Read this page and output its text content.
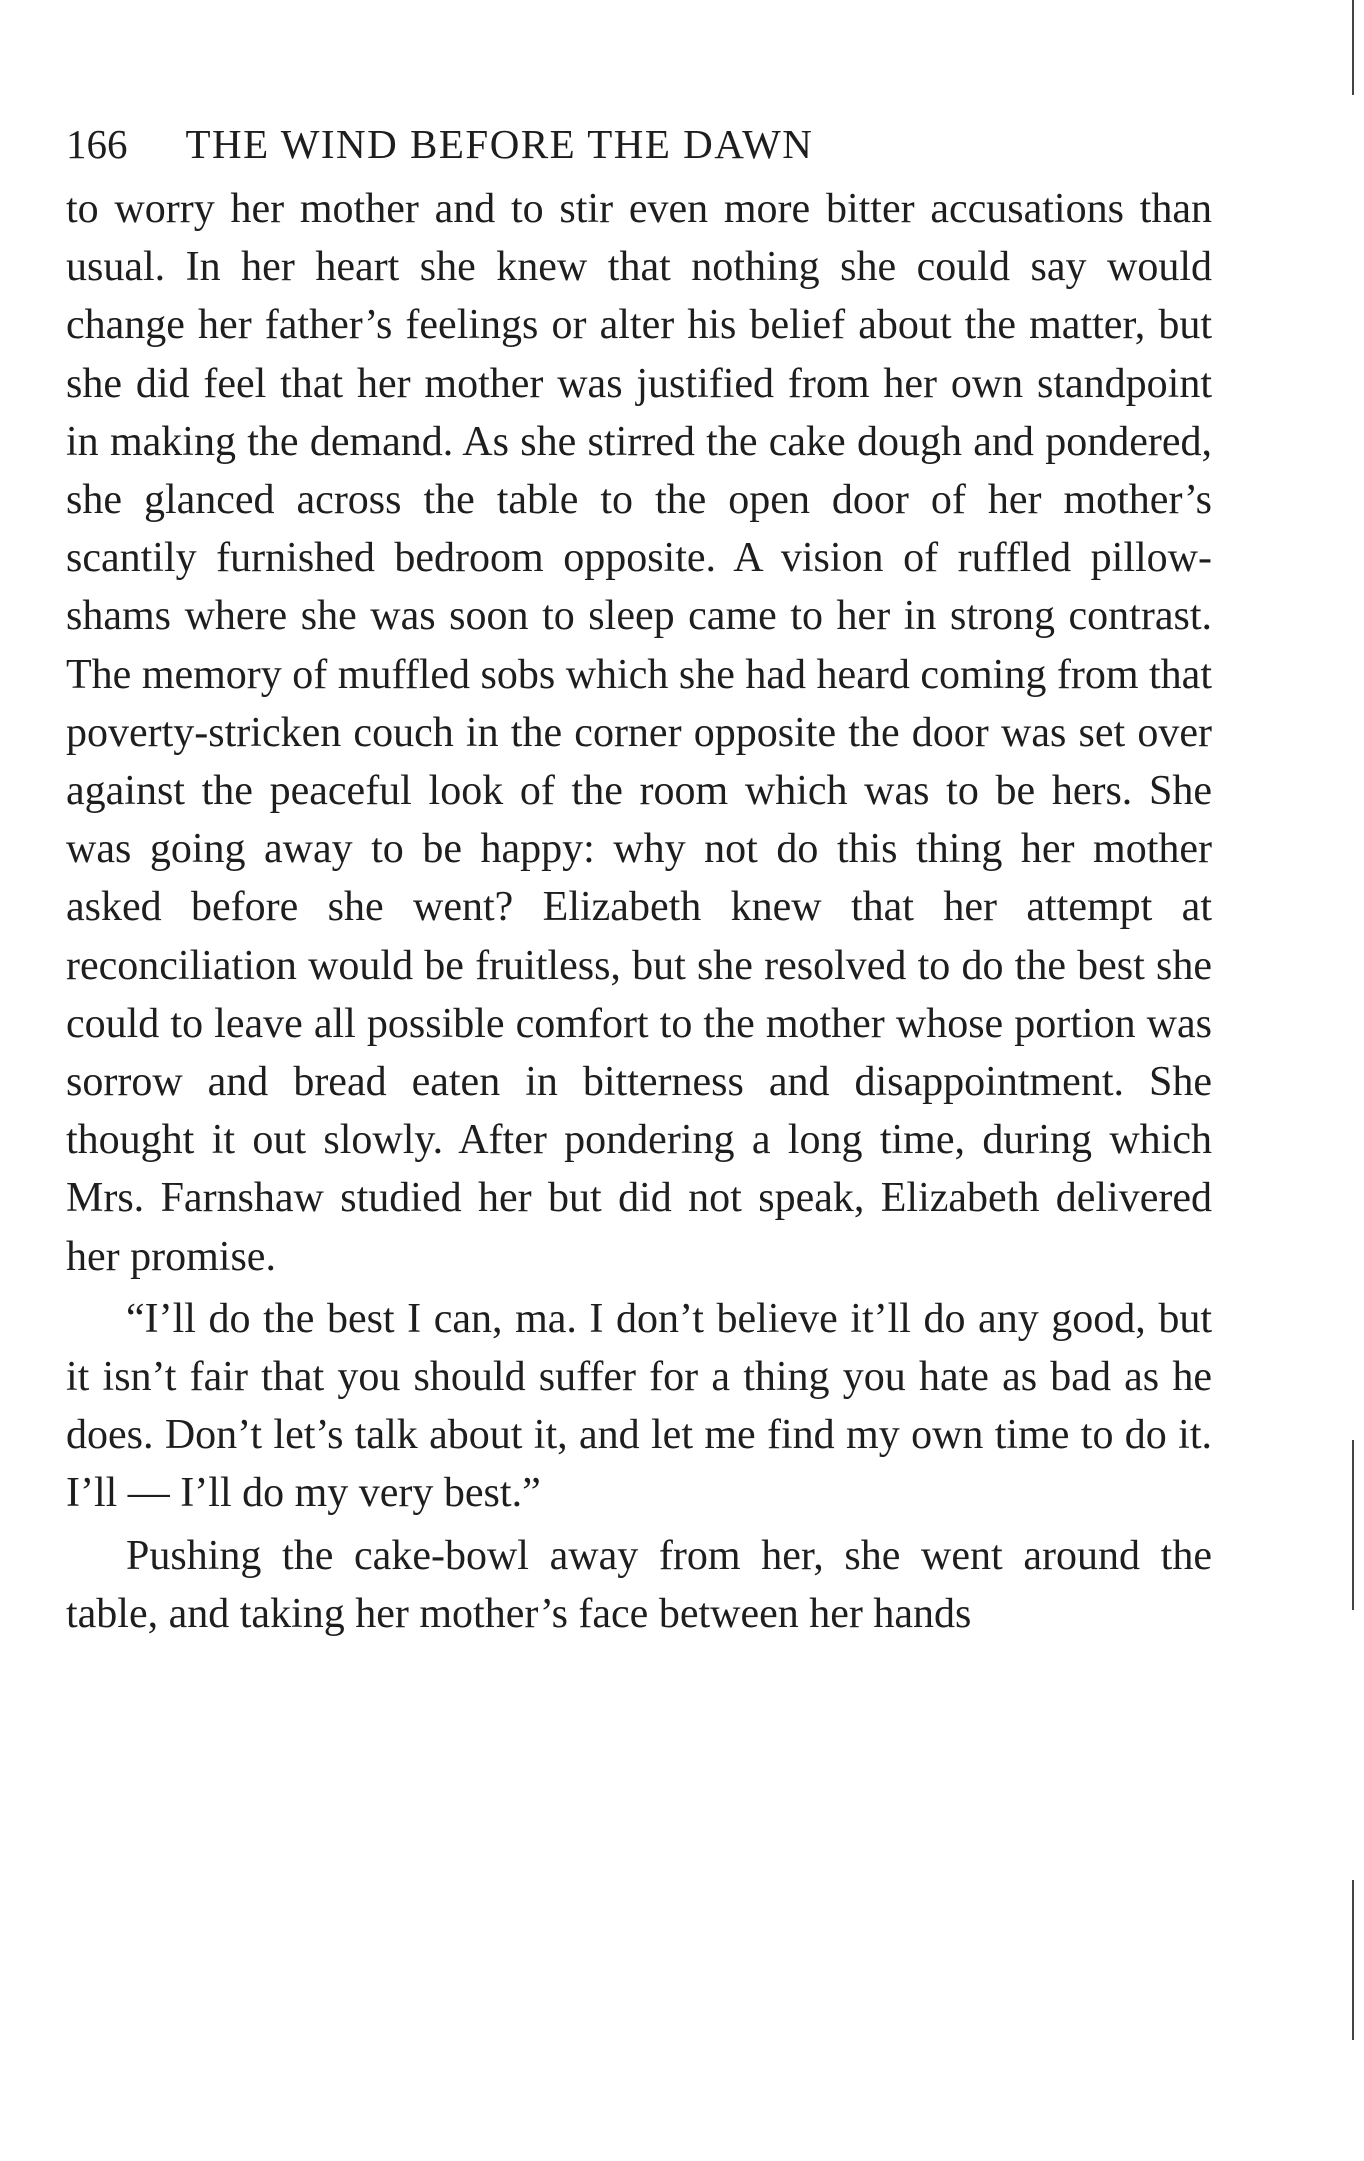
166 THE WIND BEFORE THE DAWN

to worry her mother and to stir even more bitter accusations than usual. In her heart she knew that nothing she could say would change her father’s feelings or alter his belief about the matter, but she did feel that her mother was justified from her own standpoint in making the demand. As she stirred the cake dough and pondered, she glanced across the table to the open door of her mother’s scantily furnished bedroom opposite. A vision of ruffled pillow-shams where she was soon to sleep came to her in strong contrast. The memory of muffled sobs which she had heard coming from that poverty-stricken couch in the corner opposite the door was set over against the peaceful look of the room which was to be hers. She was going away to be happy: why not do this thing her mother asked before she went? Elizabeth knew that her attempt at reconciliation would be fruitless, but she resolved to do the best she could to leave all possible comfort to the mother whose portion was sorrow and bread eaten in bitterness and disappointment. She thought it out slowly. After pondering a long time, during which Mrs. Farnshaw studied her but did not speak, Elizabeth delivered her promise.

“I’ll do the best I can, ma. I don’t believe it’ll do any good, but it isn’t fair that you should suffer for a thing you hate as bad as he does. Don’t let’s talk about it, and let me find my own time to do it. I’ll — I’ll do my very best.”

Pushing the cake-bowl away from her, she went around the table, and taking her mother’s face between her hands
